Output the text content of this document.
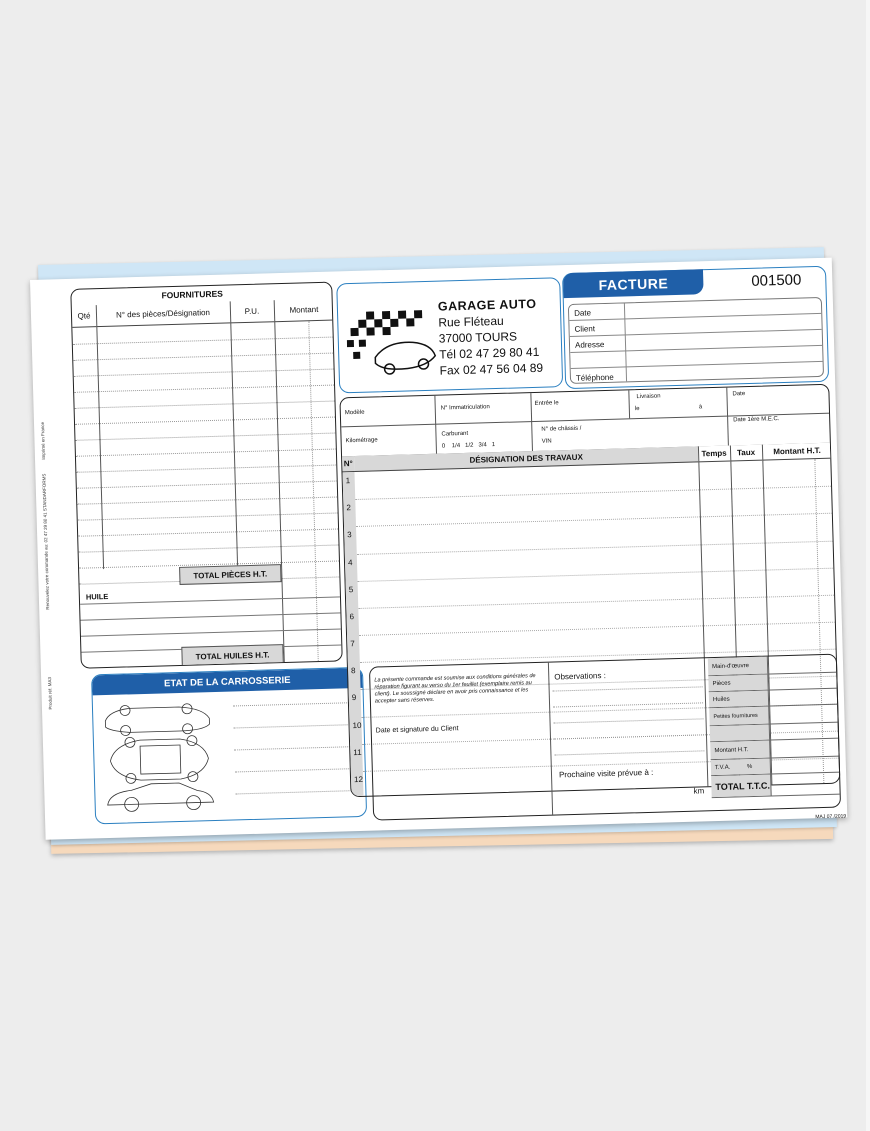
Imprimé en France
Renouvelez votre commande au: 02 47 29 80 41 STANDARFORMS
Produit réf. MA3
FOURNITURES
Qté	N° des pièces/Désignation	P.U.	Montant
TOTAL PIÈCES H.T.
HUILE
TOTAL HUILES H.T.
ETAT DE LA CARROSSERIE
GARAGE AUTO
Rue Fléteau
37000 TOURS
Tél 02 47 29 80 41
Fax 02 47 56 04 89
FACTURE	001500
Date
Client
Adresse
Téléphone
Modèle
N° Immatriculation
Entrée le
Livraison
le	à
Date
Kilométrage
Carburant
0    1/4   1/2   3/4   1
N° de châssis /
VIN
Date 1ère M.E.C.
N°	DÉSIGNATION DES TRAVAUX	Temps	Taux	Montant H.T.
1
2
3
4
5
6
7
8
9
10
11
12
La présente commande est soumise aux conditions générales de réparation figurant au verso du 1er feuillet (exemplaire remis au client). Le soussigné déclare en avoir pris connaissance et les accepter sans réserves.
Date et signature du Client
Observations :
Prochaine visite prévue à :
km
Main-d'œuvre
Pièces
Huiles
Petites fournitures
Montant H.T.
T.V.A.          %
TOTAL T.T.C.
MAJ 07 /2019
